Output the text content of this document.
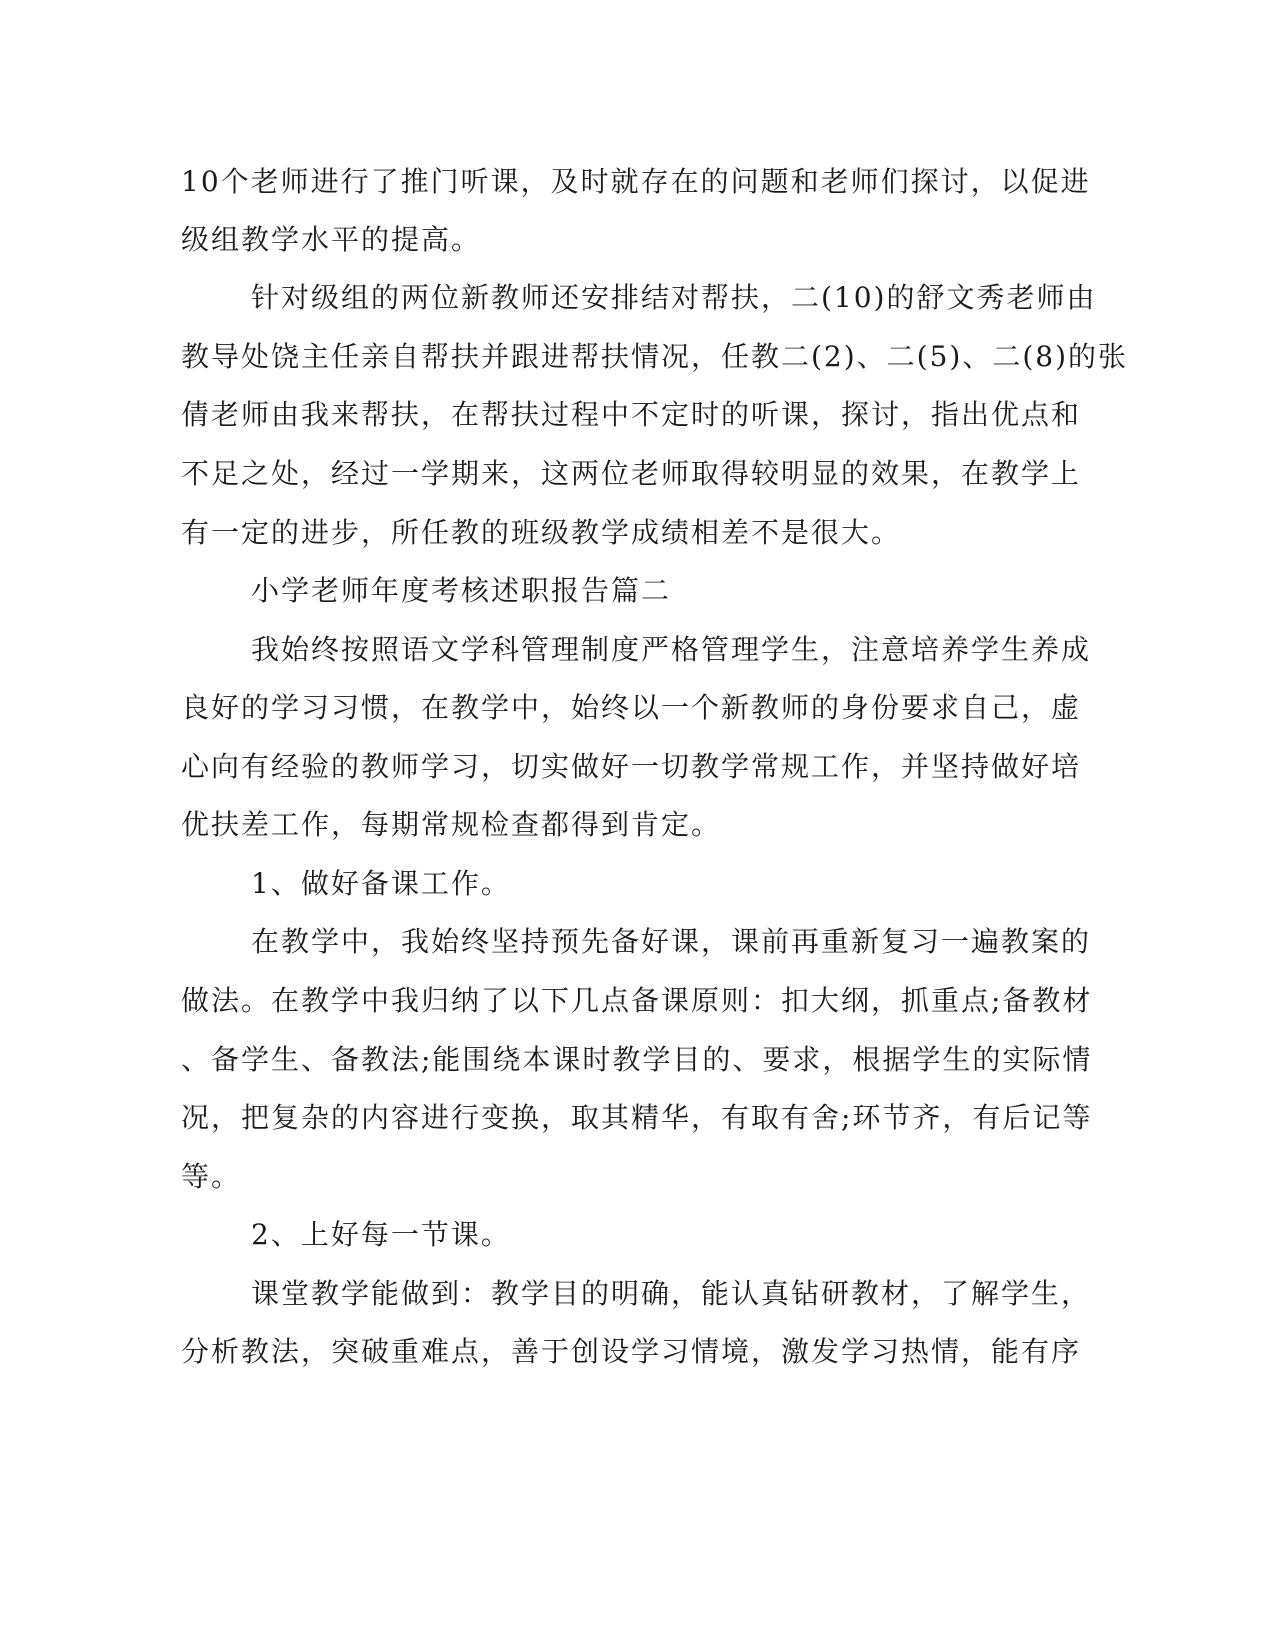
10个老师进行了推门听课，及时就存在的问题和老师们探讨，以促进

级组教学水平的提高。

针对级组的两位新教师还安排结对帮扶，二(10)的舒文秀老师由

教导处饶主任亲自帮扶并跟进帮扶情况，任教二(2)、二(5)、二(8)的张

倩老师由我来帮扶，在帮扶过程中不定时的听课，探讨，指出优点和

不足之处，经过一学期来，这两位老师取得较明显的效果，在教学上

有一定的进步，所任教的班级教学成绩相差不是很大。

小学老师年度考核述职报告篇二

我始终按照语文学科管理制度严格管理学生，注意培养学生养成

良好的学习习惯，在教学中，始终以一个新教师的身份要求自己，虚

心向有经验的教师学习，切实做好一切教学常规工作，并坚持做好培

优扶差工作，每期常规检查都得到肯定。

1、做好备课工作。

在教学中，我始终坚持预先备好课，课前再重新复习一遍教案的

做法。在教学中我归纳了以下几点备课原则：扣大纲，抓重点;备教材

、备学生、备教法;能围绕本课时教学目的、要求，根据学生的实际情

况，把复杂的内容进行变换，取其精华，有取有舍;环节齐，有后记等

等。

2、上好每一节课。

课堂教学能做到：教学目的明确，能认真钻研教材，了解学生，

分析教法，突破重难点，善于创设学习情境，激发学习热情，能有序
